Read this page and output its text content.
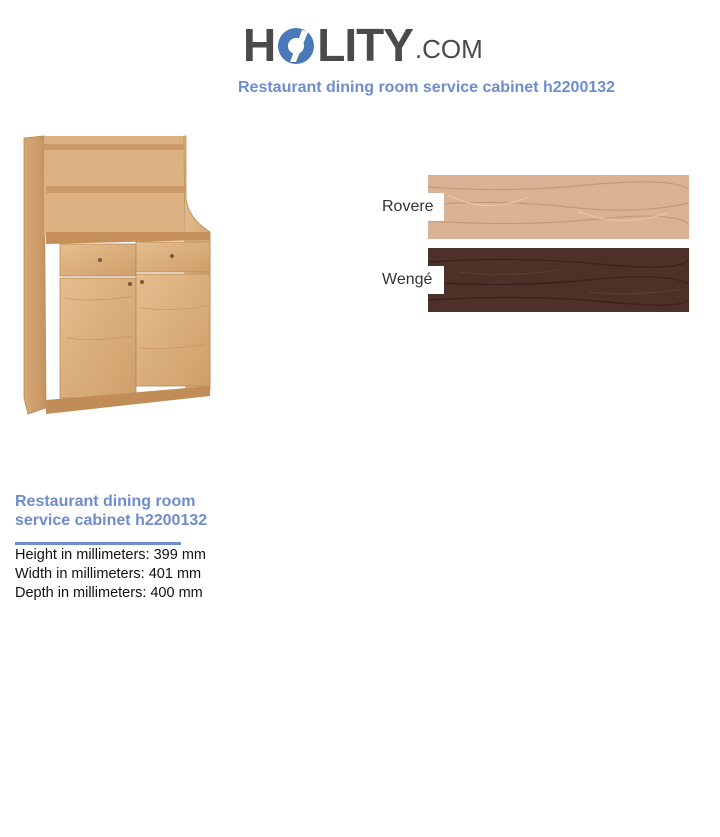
H LITY .COM
Restaurant dining room service cabinet h2200132
Rovere
Wengé
Restaurant dining room service cabinet h2200132
Height in millimeters: 399 mm
Width in millimeters: 401 mm
Depth in millimeters: 400 mm
